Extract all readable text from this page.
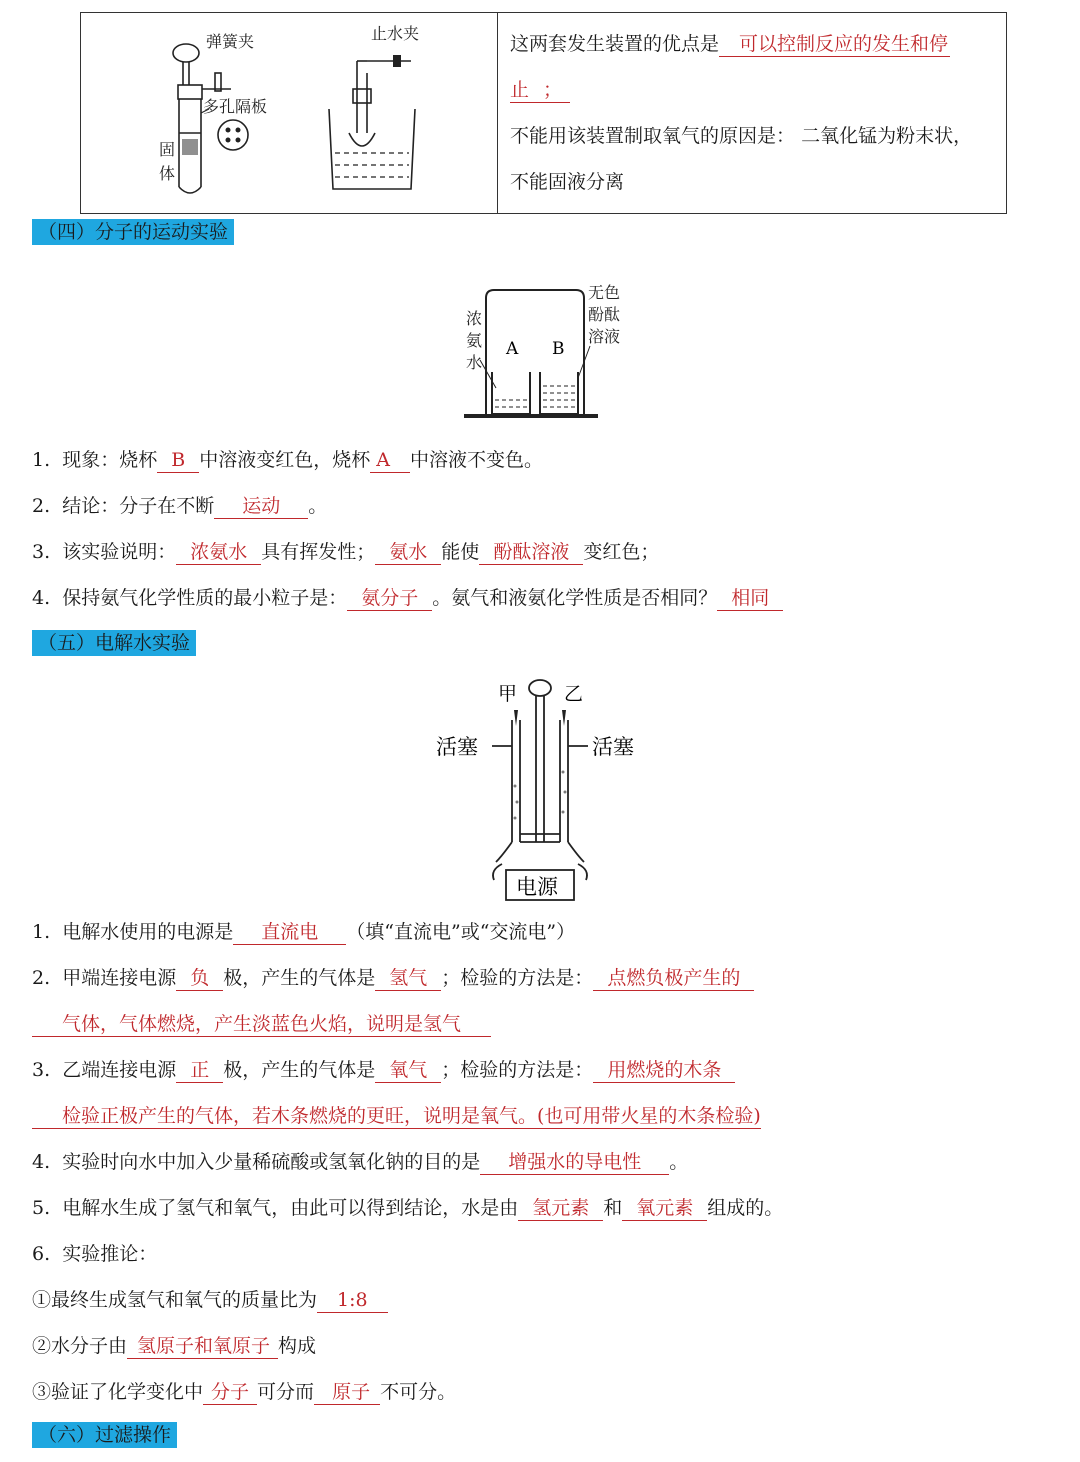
弹簧夹
多孔隔板
固
体
止水夹	这两套发生装置的优点是 可以控制反应的发生和停
止 ；
不能用该装置制取氧气的原因是： 二氧化锰为粉末状，
不能固液分离
（四）分子的运动实验
浓
氨
水
无色
酚酞
溶液
A B
1. 现象：烧杯 B 中溶液变红色，烧杯 A 中溶液不变色。
2. 结论：分子在不断 运动 。
3. 该实验说明： 浓氨水 具有挥发性； 氨水 能使 酚酞溶液 变红色；
4. 保持氨气化学性质的最小粒子是： 氨分子 。氨气和液氨化学性质是否相同？ 相同
（五）电解水实验
甲 乙
活塞	活塞
电源
1. 电解水使用的电源是 直流电 （填“直流电”或“交流电”）
2. 甲端连接电源 负 极，产生的气体是 氢气 ；检验的方法是： 点燃负极产生的
气体，气体燃烧，产生淡蓝色火焰，说明是氢气
3. 乙端连接电源 正 极，产生的气体是 氧气 ；检验的方法是： 用燃烧的木条
检验正极产生的气体，若木条燃烧的更旺，说明是氧气。(也可用带火星的木条检验)
4. 实验时向水中加入少量稀硫酸或氢氧化钠的目的是 增强水的导电性 。
5. 电解水生成了氢气和氧气，由此可以得到结论，水是由 氢元素 和 氧元素 组成的。
6. 实验推论：
①最终生成氢气和氧气的质量比为 1:8
②水分子由 氢原子和氧原子 构成
③验证了化学变化中 分子 可分而 原子 不可分。
（六）过滤操作
